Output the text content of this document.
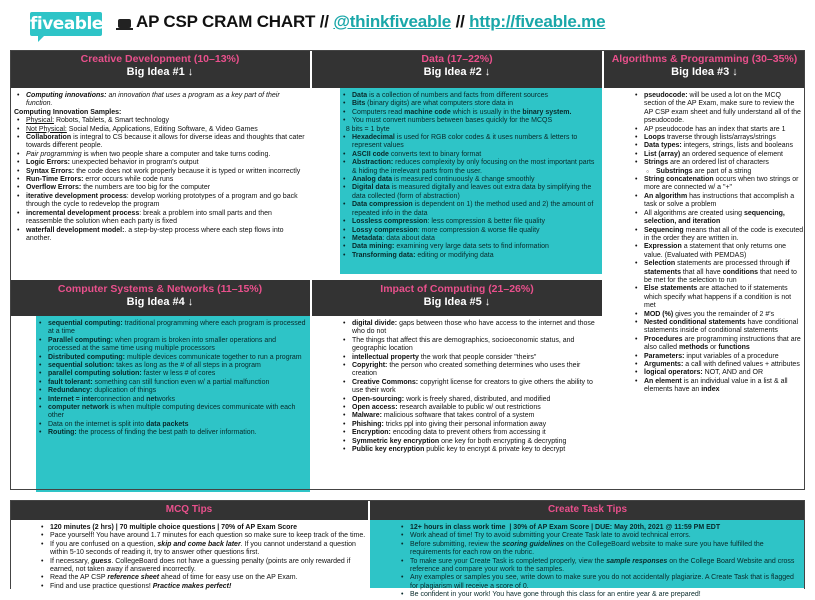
fiveable AP CSP CRAM CHART // @thinkfiveable // http://fiveable.me
Creative Development (10–13%)
Big Idea #1 ↓
• Computing innovations: an innovation that uses a program as a key part of their function.
Computing Innovation Samples:
• Physical: Robots, Tablets, & Smart technology
• Not Physical: Social Media, Applications, Editing Software, & Video Games
• Collaboration is integral to CS because it allows for diverse ideas and thoughts that cater towards different people.
• Pair programming is when two people share a computer and take turns coding.
• Logic Errors: unexpected behavior in program's output
• Syntax Errors: the code does not work properly because it is typed or written incorrectly
• Run-Time Errors: error occurs while code runs
• Overflow Errors: the numbers are too big for the computer
• iterative development process: develop working prototypes of a program and go back through the cycle to redevelop the program
• incremental development process: break a problem into small parts and then reassemble the solution when each party is fixed
• waterfall development model:. a step-by-step process where each step flows into another.
Data (17–22%)
Big Idea #2 ↓
• Data is a collection of numbers and facts from different sources
• Bits (binary digits) are what computers store data in
• Computers read machine code which is usually in the binary system.
• You must convert numbers between bases quickly for the MCQS
8 bits = 1 byte
• Hexadecimal is used for RGB color codes & it uses numbers & letters to represent values
• ASCII code converts text to binary format
• Abstraction: reduces complexity by only focusing on the most important parts & hiding the irrelevant parts from the user.
• Analog data is measured continuously & change smoothly
• Digital data is measured digitally and leaves out extra data by simplifying the data collected (form of abstraction)
• Data compression is dependent on 1) the method used and 2) the amount of repeated info in the data
• Lossless compression: less compression & better file quality
• Lossy compression: more compression & worse file quality
• Metadata: data about data
• Data mining: examining very large data sets to find information
• Transforming data: editing or modifying data
Algorithms & Programming (30–35%)
Big Idea #3 ↓
• pseudocode: will be used a lot on the MCQ section of the AP Exam, make sure to review the AP CSP exam sheet and fully understand all of the pseudocode.
• AP pseudocode has an index that starts are 1
• Loops traverse through lists/arrays/strings
• Data types: integers, strings, lists and booleans
• List (array) an ordered sequence of element
• Strings are an ordered list of characters
○ Substrings are part of a string
• String concatenation occurs when two strings or more are connected w/ a "+"
• An algorithm has instructions that accomplish a task or solve a problem
• All algorithms are created using sequencing, selection, and iteration
• Sequencing means that all of the code is executed in the order they are written in.
• Expression a statement that only returns one value. (Evaluated with PEMDAS)
• Selection statements are processed through if statements that all have conditions that need to be met for the selection to run
• Else statements are attached to if statements which specify what happens if a condition is not met
• MOD (%) gives you the remainder of 2 #'s
• Nested conditional statements have conditional statements inside of conditional statements
• Procedures are programming instructions that are also called methods or functions
• Parameters: input variables of a procedure
• Arguments: a call with defined values + attributes
• logical operators: NOT, AND and OR
• An element is an individual value in a list & all elements have an index
Computer Systems & Networks (11–15%)
Big Idea #4 ↓
• sequential computing: traditional programming where each program is processed at a time
• Parallel computing: when program is broken into smaller operations and processed at the same time using multiple processors
• Distributed computing: multiple devices communicate together to run a program
• sequential solution: takes as long as the # of all steps in a program
• parallel computing solution: faster w less # of cores
• fault tolerant: something can still function even w/ a partial malfunction
• Redundancy: duplication of things
• Internet = interconnection and networks
• computer network is when multiple computing devices communicate with each other
• Data on the internet is split into data packets
• Routing: the process of finding the best path to deliver information.
Impact of Computing (21–26%)
Big Idea #5 ↓
• digital divide: gaps between those who have access to the internet and those who do not
• The things that affect this are demographics, socioeconomic status, and geographic location
• intellectual property the work that people consider "theirs"
• Copyright: the person who created something determines who uses their creation
• Creative Commons: copyright license for creators to give others the ability to use their work
• Open-sourcing: work is freely shared, distributed, and modified
• Open access: research available to public w/ out restrictions
• Malware: malicious software that takes control of a system
• Phishing: tricks ppl into giving their personal information away
• Encryption: encoding data to prevent others from accessing it
• Symmetric key encryption one key for both encrypting & decrypting
• Public key encryption public key to encrypt & private key to decrypt
MCQ Tips
• 120 minutes (2 hrs) | 70 multiple choice questions | 70% of AP Exam Score
• Pace yourself! You have around 1.7 minutes for each question so make sure to keep track of the time.
• If you are confused on a question, skip and come back later. If you cannot understand a question within 5-10 seconds of reading it, try to answer other questions first.
• If necessary, guess. CollegeBoard does not have a guessing penalty (points are only rewarded if earned, not taken away if answered incorrectly.
• Read the AP CSP reference sheet ahead of time for easy use on the AP Exam.
• Find and use practice questions! Practice makes perfect!
Create Task Tips
• 12+ hours in class work time  | 30% of AP Exam Score | DUE: May 20th, 2021 @ 11:59 PM EDT
• Work ahead of time! Try to avoid submitting your Create Task late to avoid technical errors.
• Before submitting, review the scoring guidelines on the CollegeBoard website to make sure you have fulfilled the requirements for each row on the rubric.
• To make sure your Create Task is completed properly, view the sample responses on the College Board Website and cross reference and compare your work to the samples.
• Any examples or samples you see, write down to make sure you do not accidentally plagiarize. A Create Task that is flagged for plagiarism will receive a score of 0.
• Be confident in your work! You have gone through this class for an entire year & are prepared!
